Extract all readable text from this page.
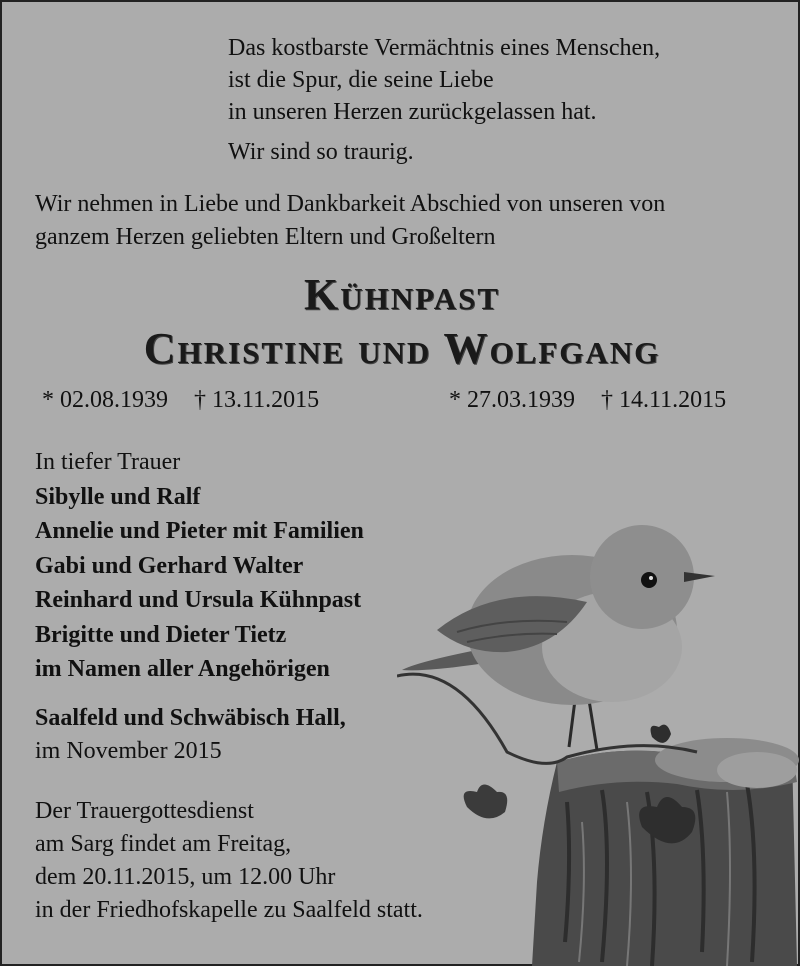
Das kostbarste Vermächtnis eines Menschen,
ist die Spur, die seine Liebe
in unseren Herzen zurückgelassen hat.
Wir sind so traurig.
Wir nehmen in Liebe und Dankbarkeit Abschied von unseren von
ganzem Herzen geliebten Eltern und Großeltern
Kühnpast
Christine und Wolfgang
* 02.08.1939 † 13.11.2015	* 27.03.1939 † 14.11.2015
In tiefer Trauer
Sibylle und Ralf
Annelie und Pieter mit Familien
Gabi und Gerhard Walter
Reinhard und Ursula Kühnpast
Brigitte und Dieter Tietz
im Namen aller Angehörigen
Saalfeld und Schwäbisch Hall,
im November 2015
Der Trauergottesdienst
am Sarg findet am Freitag,
dem 20.11.2015, um 12.00 Uhr
in der Friedhofskapelle zu Saalfeld statt.
